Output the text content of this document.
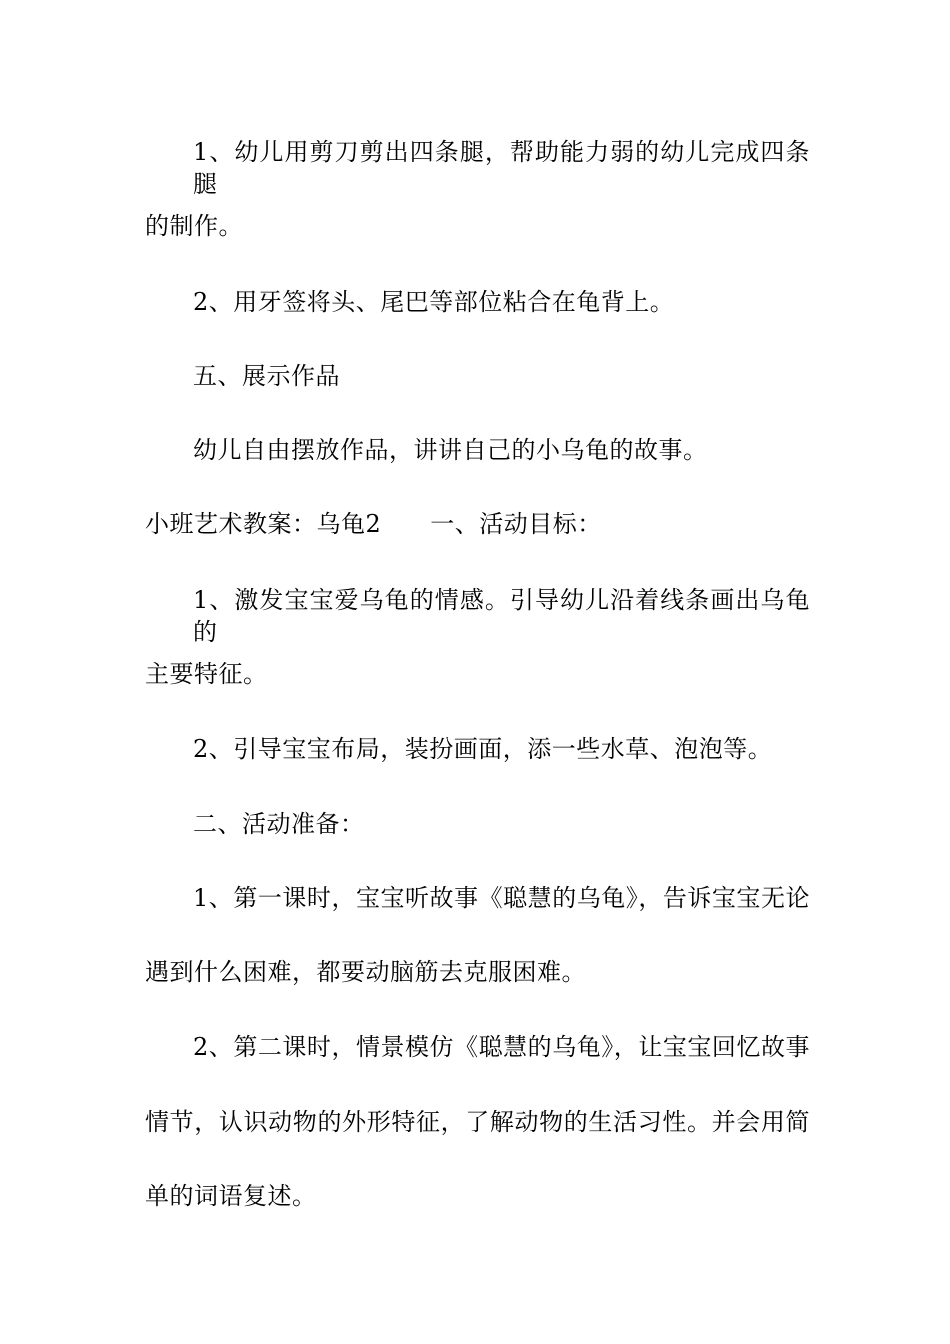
1、幼儿用剪刀剪出四条腿，帮助能力弱的幼儿完成四条腿
的制作。
2、用牙签将头、尾巴等部位粘合在龟背上。
五、展示作品
幼儿自由摆放作品，讲讲自己的小乌龟的故事。
小班艺术教案：乌龟2　　一、活动目标：
1、激发宝宝爱乌龟的情感。引导幼儿沿着线条画出乌龟的
主要特征。
2、引导宝宝布局，装扮画面，添一些水草、泡泡等。
二、活动准备：
1、第一课时，宝宝听故事《聪慧的乌龟》，告诉宝宝无论
遇到什么困难，都要动脑筋去克服困难。
2、第二课时，情景模仿《聪慧的乌龟》，让宝宝回忆故事
情节，认识动物的外形特征，了解动物的生活习性。并会用简
单的词语复述。
